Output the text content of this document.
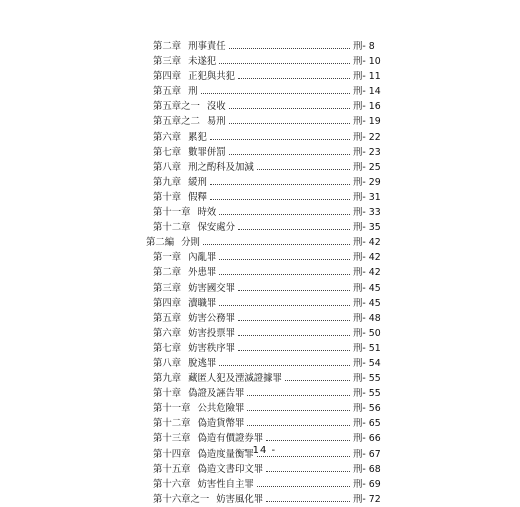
第二章 刑事責任	刑- 8
第三章 未遂犯	刑- 10
第四章 正犯與共犯	刑- 11
第五章 刑	刑- 14
第五章之一 沒收	刑- 16
第五章之二 易刑	刑- 19
第六章 累犯	刑- 22
第七章 數罪併罰	刑- 23
第八章 刑之酌科及加減	刑- 25
第九章 緩刑	刑- 29
第十章 假釋	刑- 31
第十一章 時效	刑- 33
第十二章 保安處分	刑- 35
第二編 分則	刑- 42
第一章 內亂罪	刑- 42
第二章 外患罪	刑- 42
第三章 妨害國交罪	刑- 45
第四章 瀆職罪	刑- 45
第五章 妨害公務罪	刑- 48
第六章 妨害投票罪	刑- 50
第七章 妨害秩序罪	刑- 51
第八章 脫逃罪	刑- 54
第九章 藏匿人犯及湮滅證據罪	刑- 55
第十章 偽證及誣告罪	刑- 55
第十一章 公共危險罪	刑- 56
第十二章 偽造貨幣罪	刑- 65
第十三章 偽造有價證券罪	刑- 66
第十四章 偽造度量衡罪	刑- 67
第十五章 偽造文書印文罪	刑- 68
第十六章 妨害性自主罪	刑- 69
第十六章之一 妨害風化罪	刑- 72
- 14 -
